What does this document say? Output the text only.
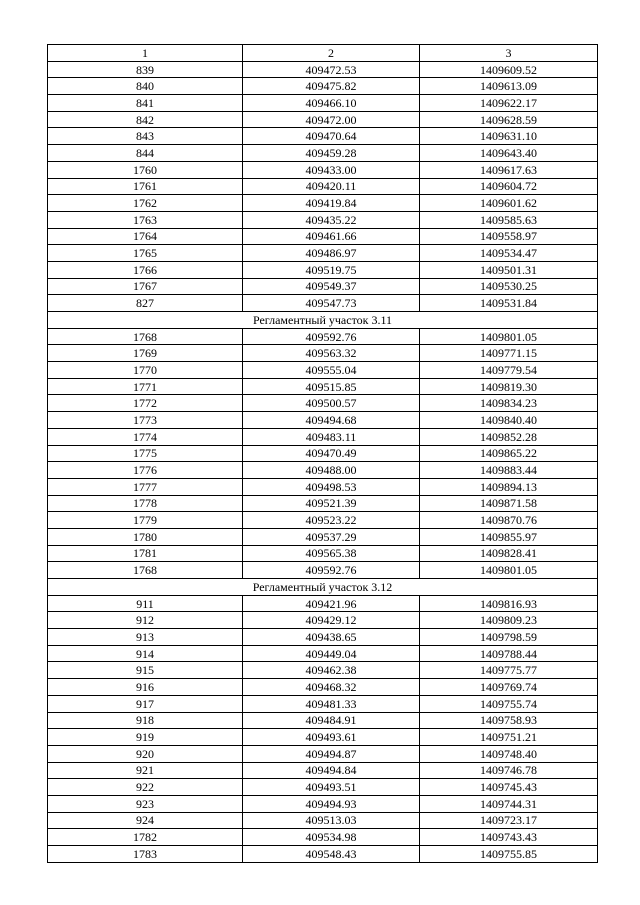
1	2	3
839	409472.53	1409609.52
840	409475.82	1409613.09
841	409466.10	1409622.17
842	409472.00	1409628.59
843	409470.64	1409631.10
844	409459.28	1409643.40
1760	409433.00	1409617.63
1761	409420.11	1409604.72
1762	409419.84	1409601.62
1763	409435.22	1409585.63
1764	409461.66	1409558.97
1765	409486.97	1409534.47
1766	409519.75	1409501.31
1767	409549.37	1409530.25
827	409547.73	1409531.84
Регламентный участок 3.11		
1768	409592.76	1409801.05
1769	409563.32	1409771.15
1770	409555.04	1409779.54
1771	409515.85	1409819.30
1772	409500.57	1409834.23
1773	409494.68	1409840.40
1774	409483.11	1409852.28
1775	409470.49	1409865.22
1776	409488.00	1409883.44
1777	409498.53	1409894.13
1778	409521.39	1409871.58
1779	409523.22	1409870.76
1780	409537.29	1409855.97
1781	409565.38	1409828.41
1768	409592.76	1409801.05
Регламентный участок 3.12		
911	409421.96	1409816.93
912	409429.12	1409809.23
913	409438.65	1409798.59
914	409449.04	1409788.44
915	409462.38	1409775.77
916	409468.32	1409769.74
917	409481.33	1409755.74
918	409484.91	1409758.93
919	409493.61	1409751.21
920	409494.87	1409748.40
921	409494.84	1409746.78
922	409493.51	1409745.43
923	409494.93	1409744.31
924	409513.03	1409723.17
1782	409534.98	1409743.43
1783	409548.43	1409755.85
